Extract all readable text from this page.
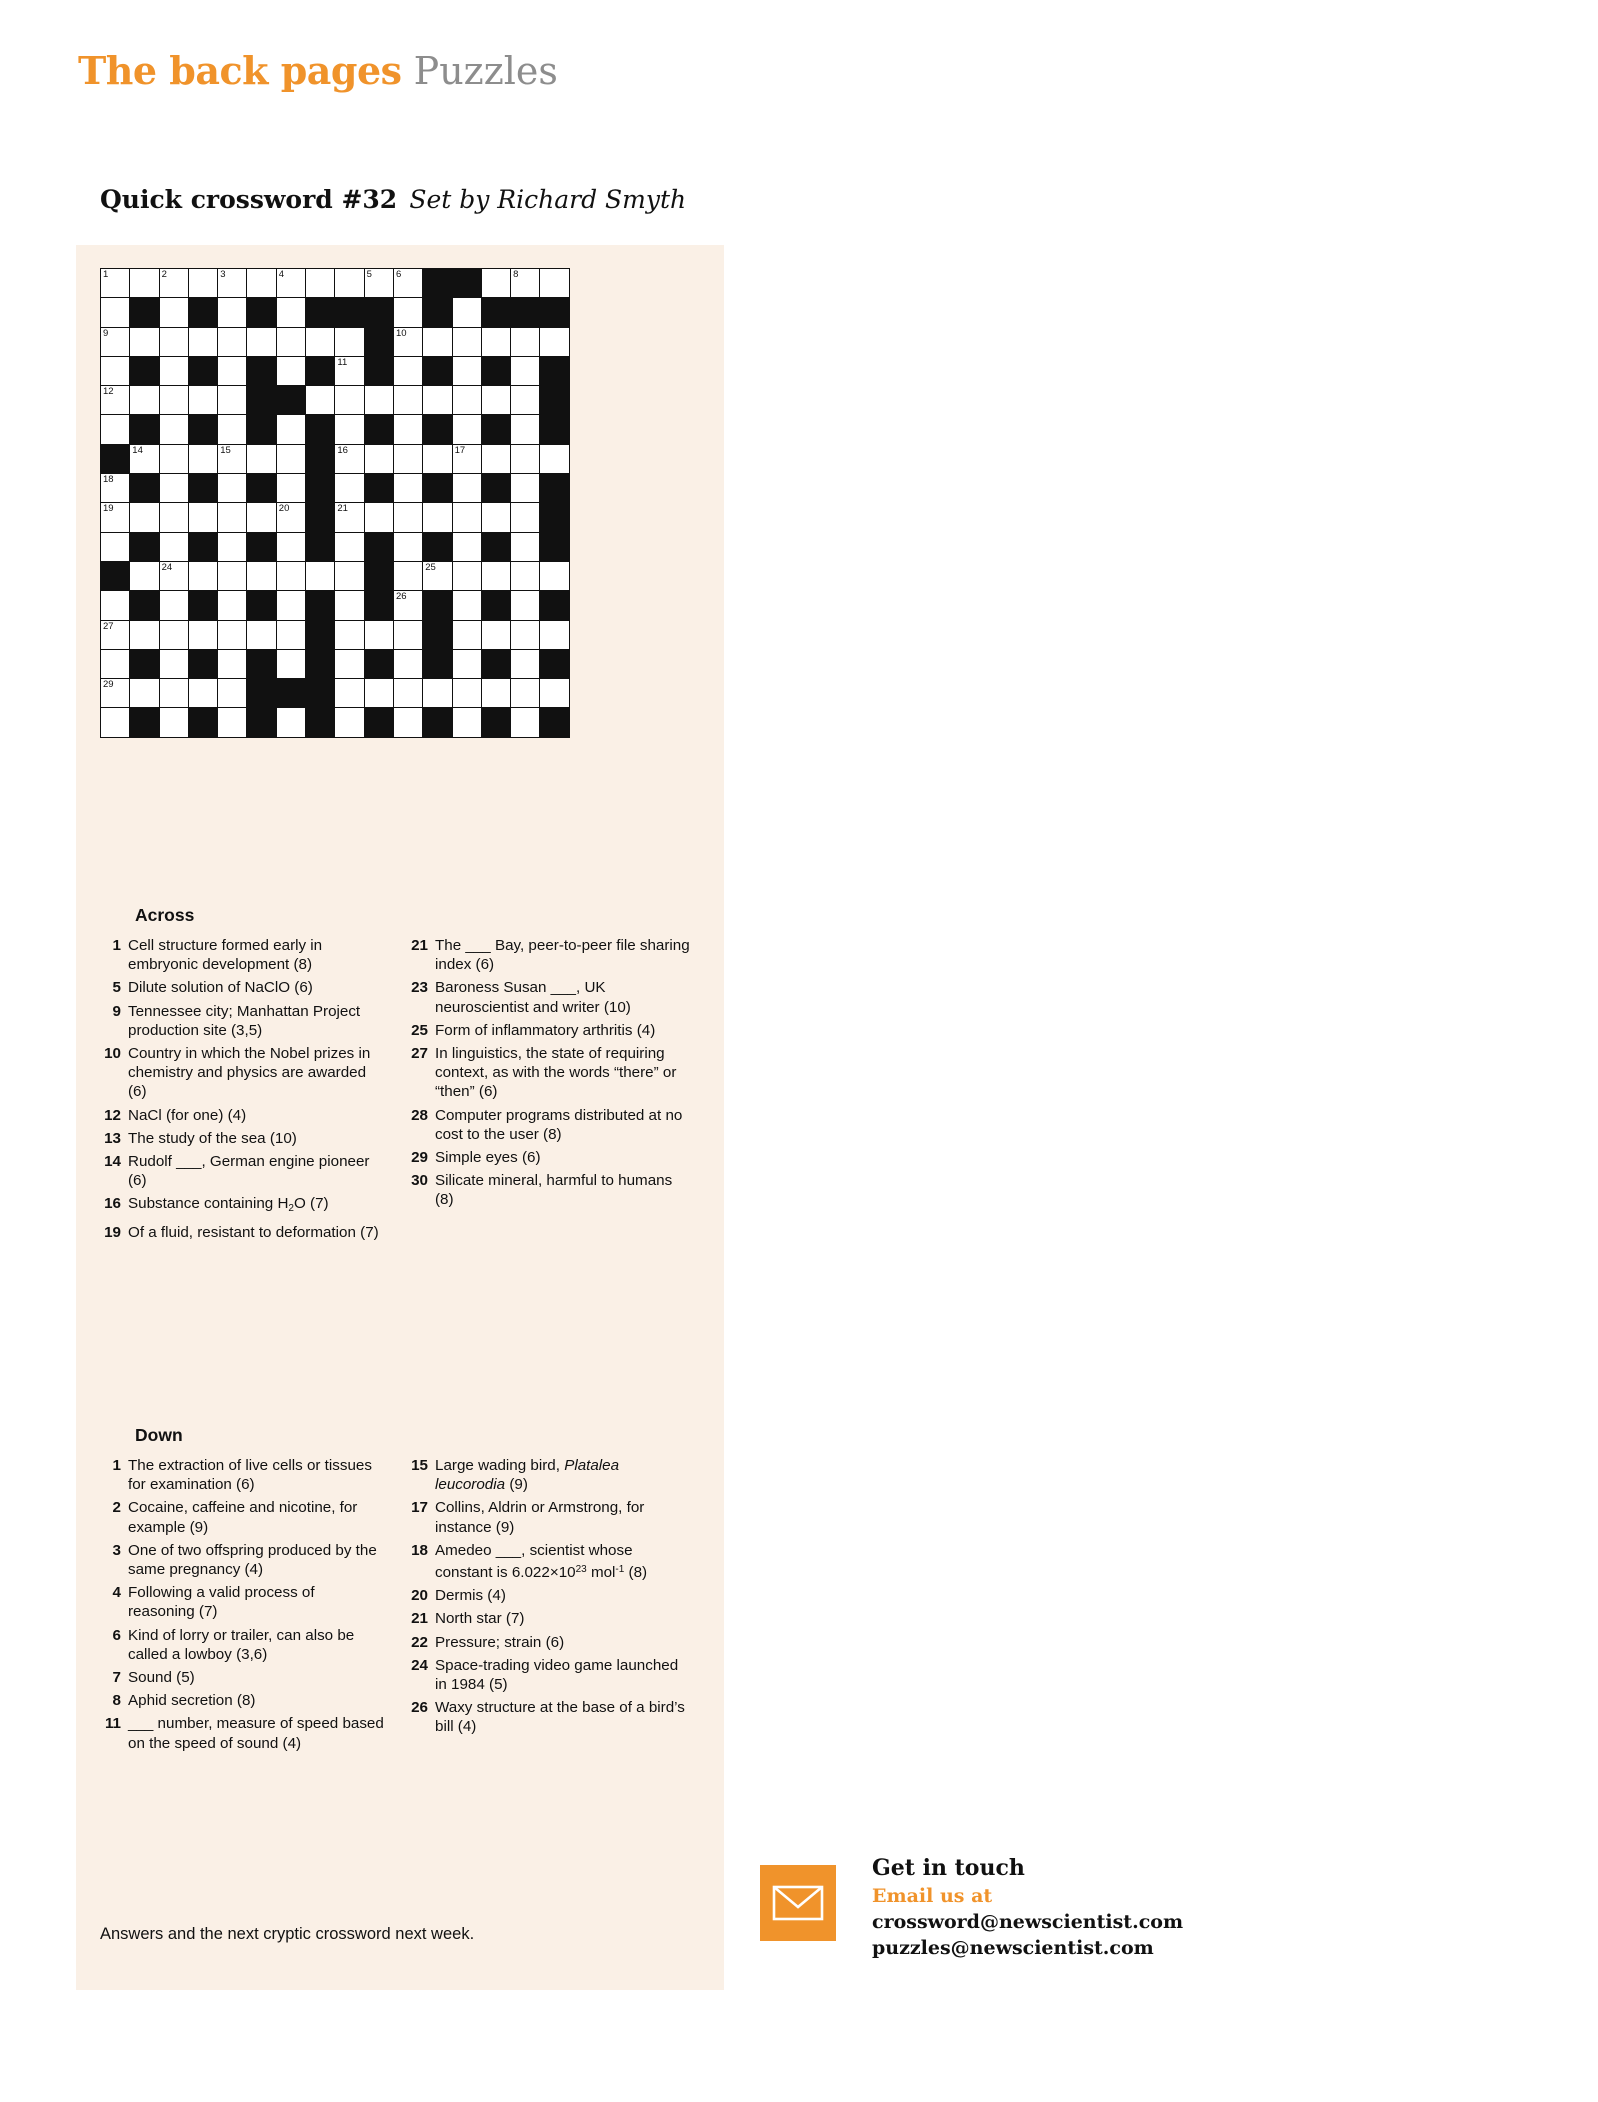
The back pages Puzzles
Quick crossword #32 Set by Richard Smyth
1		2		3		4			5	6				8	

9										10					

								11							

12															

	14			15				16				17			

18															

19						20		21							

		24									25				

										26					

27															

29															

Across
1 Cell structure formed early in embryonic development (8)
5 Dilute solution of NaClO (6)
9 Tennessee city; Manhattan Project production site (3,5)
10 Country in which the Nobel prizes in chemistry and physics are awarded (6)
12 NaCl (for one) (4)
13 The study of the sea (10)
14 Rudolf ___, German engine pioneer (6)
16 Substance containing $H_2O$ (7)
19 Of a fluid, resistant to deformation (7)
21 The ___ Bay, peer-to-peer file sharing index (6)
23 Baroness Susan ___, UK neuroscientist and writer (10)
25 Form of inflammatory arthritis (4)
27 In linguistics, the state of requiring context, as with the words “there” or “then” (6)
28 Computer programs distributed at no cost to the user (8)
29 Simple eyes (6)
30 Silicate mineral, harmful to humans (8)
Down
1 The extraction of live cells or tissues for examination (6)
2 Cocaine, caffeine and nicotine, for example (9)
3 One of two offspring produced by the same pregnancy (4)
4 Following a valid process of reasoning (7)
6 Kind of lorry or trailer, can also be called a lowboy (3,6)
7 Sound (5)
8 Aphid secretion (8)
11 ___ number, measure of speed based on the speed of sound (4)
15 Large wading bird, Platalea leucorodia (9)
17 Collins, Aldrin or Armstrong, for instance (9)
18 Amedeo ___, scientist whose constant is $6.022\times 10^{23}$ mol$^{-1}$ (8)
20 Dermis (4)
21 North star (7)
22 Pressure; strain (6)
24 Space-trading video game launched in 1984 (5)
26 Waxy structure at the base of a bird’s bill (4)
Answers and the next cryptic crossword next week.
Get in touch
Email us at
crossword@newscientist.com
puzzles@newscientist.com
